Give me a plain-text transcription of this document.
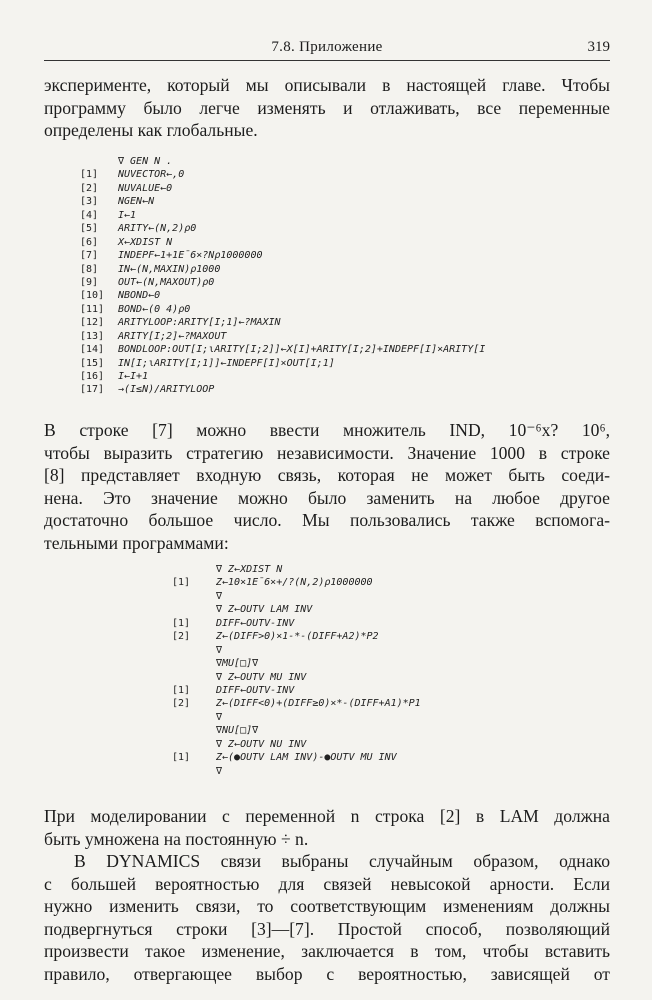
7.8. Приложение	319
эксперименте, который мы описывали в настоящей главе. Чтобы
программу было легче изменять и отлаживать, все переменные
определены как глобальные.
∇ GEN N .
[1] NUVECTOR←,0
[2] NUVALUE←0
[3] NGEN←N
[4] I←1
[5] ARITY←(N,2)ρ0
[6] X←XDIST N
[7] INDEPF←1+1E¯6×?Nρ1000000
[8] IN←(N,MAXIN)ρ1000
[9] OUT←(N,MAXOUT)ρ0
[10] NBOND←0
[11] BOND←(0 4)ρ0
[12] ARITYLOOP:ARITY[I;1]←?MAXIN
[13] ARITY[I;2]←?MAXOUT
[14] BONDLOOP:OUT[I;⍳ARITY[I;2]]←X[I]+ARITY[I;2]+INDEPF[I]×ARITY[I
[15] IN[I;⍳ARITY[I;1]]←INDEPF[I]×OUT[I;1]
[16] I←I+1
[17] →(I≤N)/ARITYLOOP
В строке [7] можно ввести множитель IND, 10⁻⁶x? 10⁶,
чтобы выразить стратегию независимости. Значение 1000 в строке
[8] представляет входную связь, которая не может быть соеди-
нена. Это значение можно было заменить на любое другое
достаточно большое число. Мы пользовались также вспомога-
тельными программами:
∇ Z←XDIST N
[1]	Z←10×1E¯6×+/?(N,2)ρ1000000
∇
∇ Z←OUTV LAM INV
[1]	DIFF←OUTV-INV
[2]	Z←(DIFF>0)×1-*-(DIFF+A2)*P2
∇
∇MU[□]∇
∇ Z←OUTV MU INV
[1]	DIFF←OUTV-INV
[2]	Z←(DIFF<0)+(DIFF≥0)×*-(DIFF+A1)*P1
∇
∇NU[□]∇
∇ Z←OUTV NU INV
[1]	Z←(●OUTV LAM INV)-●OUTV MU INV
∇
При моделировании с переменной n строка [2] в LAM должна
быть умножена на постоянную ÷ n.
В DYNAMICS связи выбраны случайным образом, однако
с большей вероятностью для связей невысокой арности. Если
нужно изменить связи, то соответствующим изменениям должны
подвергнуться строки [3]—[7]. Простой способ, позволяющий
произвести такое изменение, заключается в том, чтобы вставить
правило, отвергающее выбор с вероятностью, зависящей от
